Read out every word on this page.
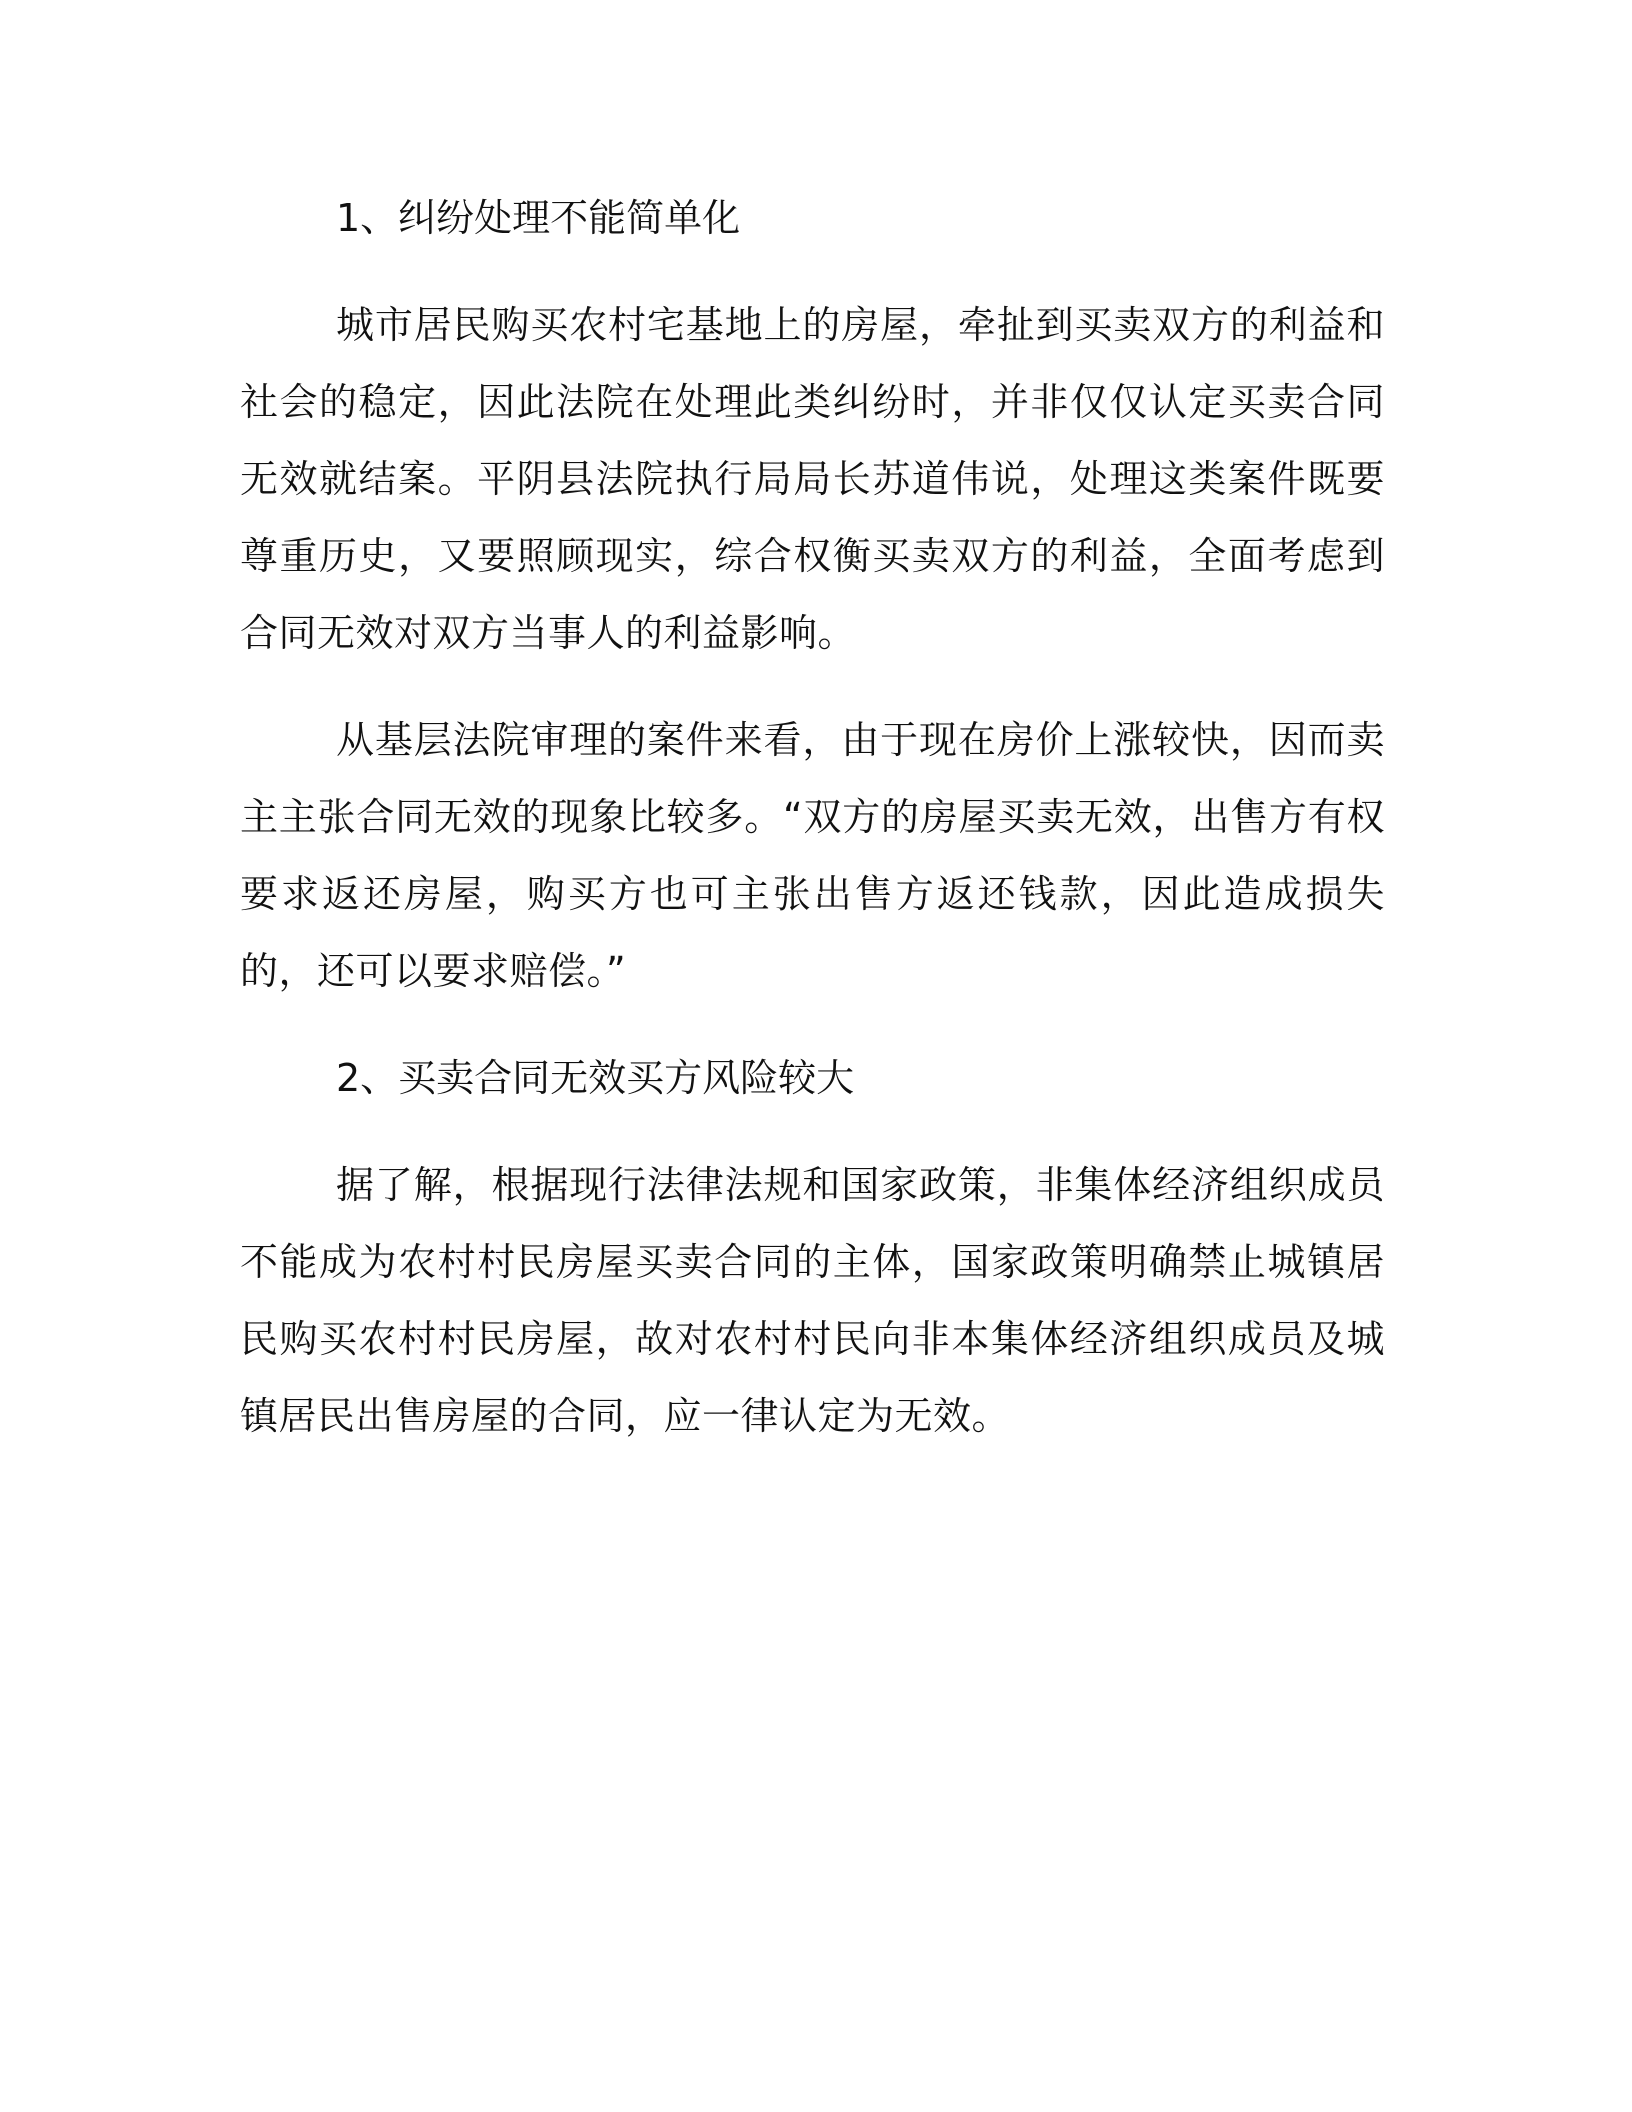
1、纠纷处理不能简单化

城市居民购买农村宅基地上的房屋，牵扯到买卖双方的利益和社会的稳定，因此法院在处理此类纠纷时，并非仅仅认定买卖合同无效就结案。平阴县法院执行局局长苏道伟说，处理这类案件既要尊重历史，又要照顾现实，综合权衡买卖双方的利益，全面考虑到合同无效对双方当事人的利益影响。

从基层法院审理的案件来看，由于现在房价上涨较快，因而卖主主张合同无效的现象比较多。“双方的房屋买卖无效，出售方有权要求返还房屋，购买方也可主张出售方返还钱款，因此造成损失的，还可以要求赔偿。”

2、买卖合同无效买方风险较大

据了解，根据现行法律法规和国家政策，非集体经济组织成员不能成为农村村民房屋买卖合同的主体，国家政策明确禁止城镇居民购买农村村民房屋，故对农村村民向非本集体经济组织成员及城镇居民出售房屋的合同，应一律认定为无效。
